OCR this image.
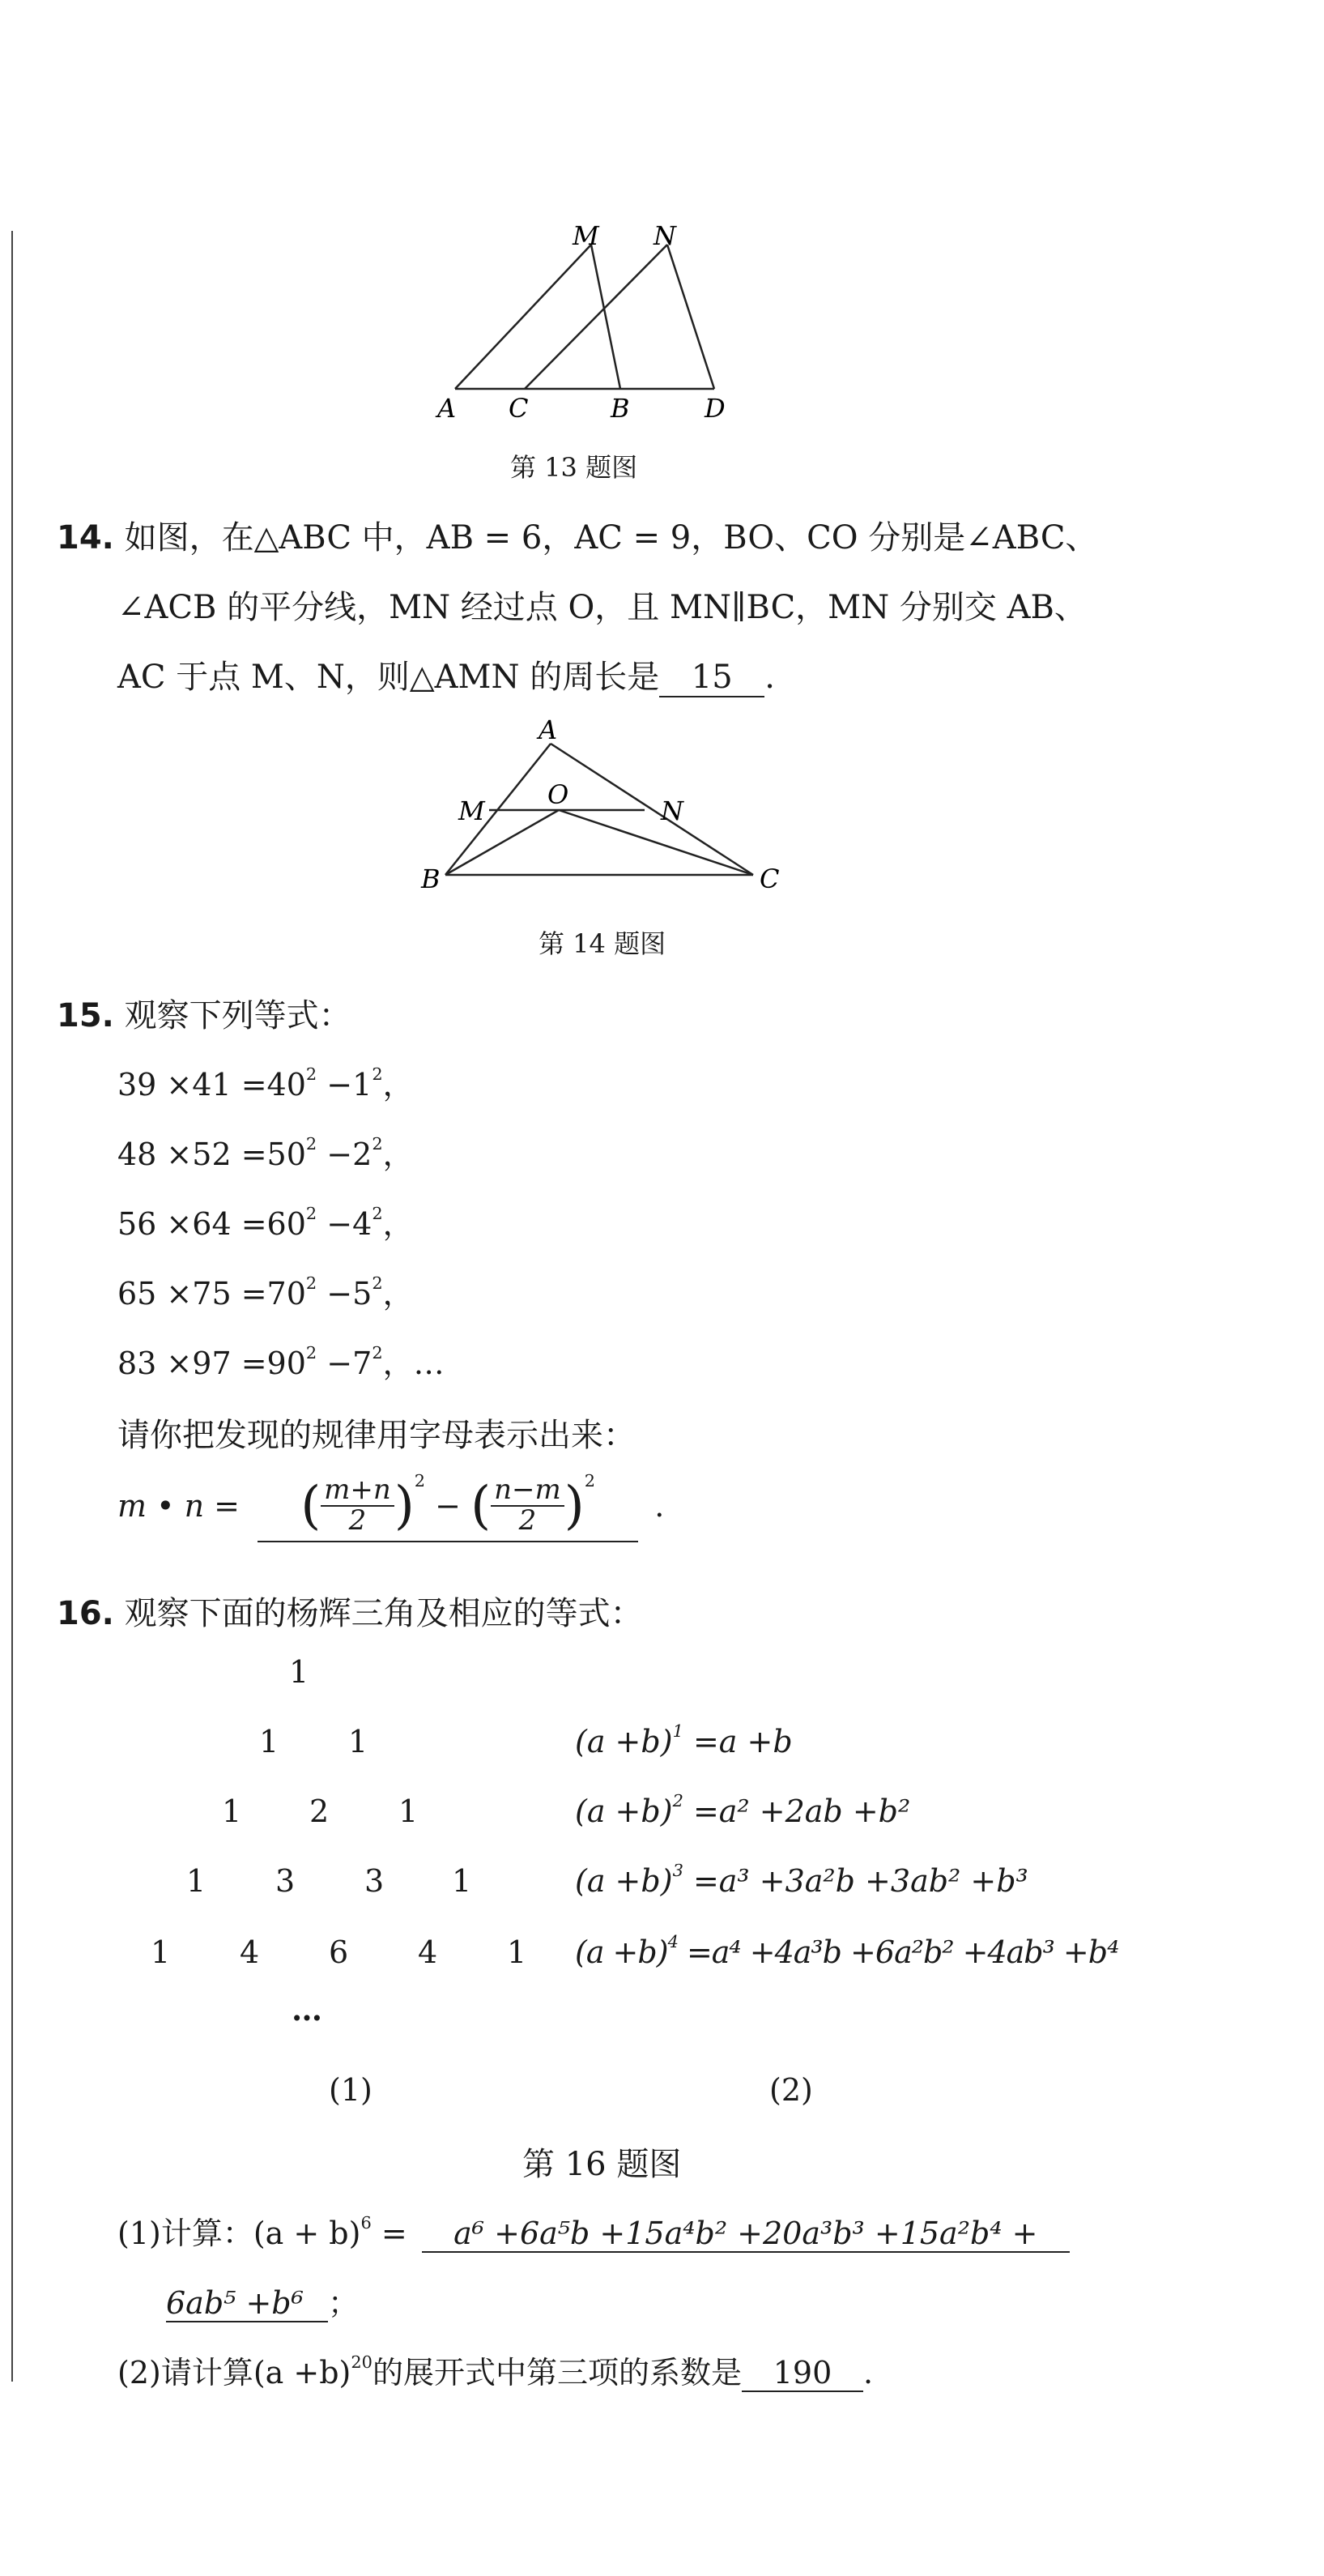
M N
A C	B	D
第 13 题图
14. 如图，在△ABC 中，AB = 6，AC = 9，BO、CO 分别是∠ABC、
∠ACB 的平分线，MN 经过点 O，且 MN∥BC，MN 分别交 AB、
AC 于点 M、N，则△AMN 的周长是 15 .
A
M
O
N
B	C
第 14 题图
15. 观察下列等式：
$39 \times 41 =40^2 -1^2$，
$48 \times 52 =50^2 -2^2$，
$56 \times 64 =60^2 -4^2$，
$65 \times 75 =70^2 -5^2$，
$83 \times 97 =90^2 -7^2$，…
请你把发现的规律用字母表示出来：
m • n = ( $\frac{m+n}{2} )^2$ − ( $\frac{n-m}{2} )^2$ .
16. 观察下面的杨辉三角及相应的等式：
1
1 1
1 2 1
1 3 3 1
1 4 6 4 1
…
$(a +b)^1 =a +b$
$(a +b)^2 =a^2 +2ab +b^2$
$(a +b)^3 =a^3 +3a^2b +3ab^2 +b^3$
$(a +b)^4 =a^4 +4a^3b +6a^2b^2 +4ab^3 +b^4$
(1)	(2)
第 16 题图
(1)计算：$(a + b)^6 = a^6 +6a^5b +15a^4b^2 +20a^3b^3 +15a^2b^4$ +
6ab⁵ +b⁶ ；
(2)请计算$(a +b)^{20}$的展开式中第三项的系数是 190 .
